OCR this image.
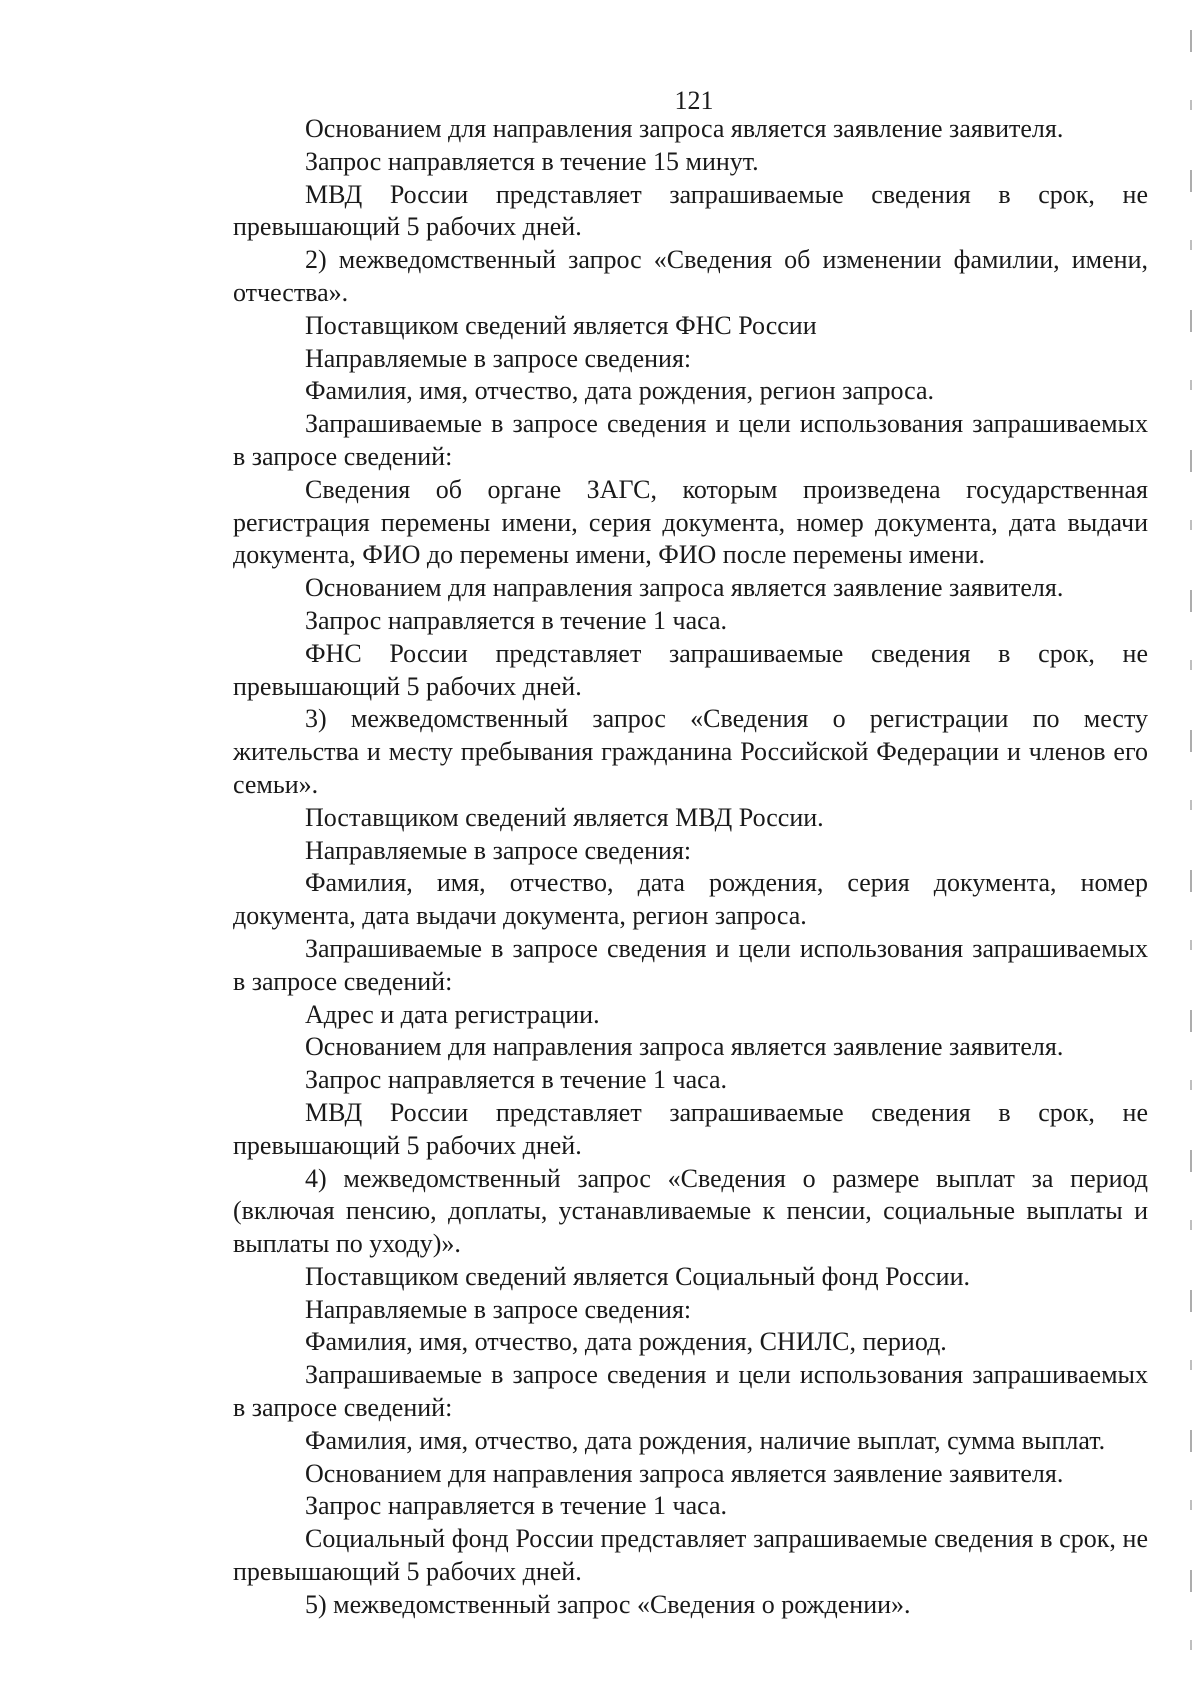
121

Основанием для направления запроса является заявление заявителя.

Запрос направляется в течение 15 минут.

МВД России представляет запрашиваемые сведения в срок, не превышающий 5 рабочих дней.

2) межведомственный запрос «Сведения об изменении фамилии, имени, отчества».

Поставщиком сведений является ФНС России

Направляемые в запросе сведения:

Фамилия, имя, отчество, дата рождения, регион запроса.

Запрашиваемые в запросе сведения и цели использования запрашиваемых в запросе сведений:

Сведения об органе ЗАГС, которым произведена государственная регистрация перемены имени, серия документа, номер документа, дата выдачи документа, ФИО до перемены имени, ФИО после перемены имени.

Основанием для направления запроса является заявление заявителя.

Запрос направляется в течение 1 часа.

ФНС России представляет запрашиваемые сведения в срок, не превышающий 5 рабочих дней.

3) межведомственный запрос «Сведения о регистрации по месту жительства и месту пребывания гражданина Российской Федерации и членов его семьи».

Поставщиком сведений является МВД России.

Направляемые в запросе сведения:

Фамилия, имя, отчество, дата рождения, серия документа, номер документа, дата выдачи документа, регион запроса.

Запрашиваемые в запросе сведения и цели использования запрашиваемых в запросе сведений:

Адрес и дата регистрации.

Основанием для направления запроса является заявление заявителя.

Запрос направляется в течение 1 часа.

МВД России представляет запрашиваемые сведения в срок, не превышающий 5 рабочих дней.

4) межведомственный запрос «Сведения о размере выплат за период (включая пенсию, доплаты, устанавливаемые к пенсии, социальные выплаты и выплаты по уходу)».

Поставщиком сведений является Социальный фонд России.

Направляемые в запросе сведения:

Фамилия, имя, отчество, дата рождения, СНИЛС, период.

Запрашиваемые в запросе сведения и цели использования запрашиваемых в запросе сведений:

Фамилия, имя, отчество, дата рождения, наличие выплат, сумма выплат.

Основанием для направления запроса является заявление заявителя.

Запрос направляется в течение 1 часа.

Социальный фонд России представляет запрашиваемые сведения в срок, не превышающий 5 рабочих дней.

5) межведомственный запрос «Сведения о рождении».
